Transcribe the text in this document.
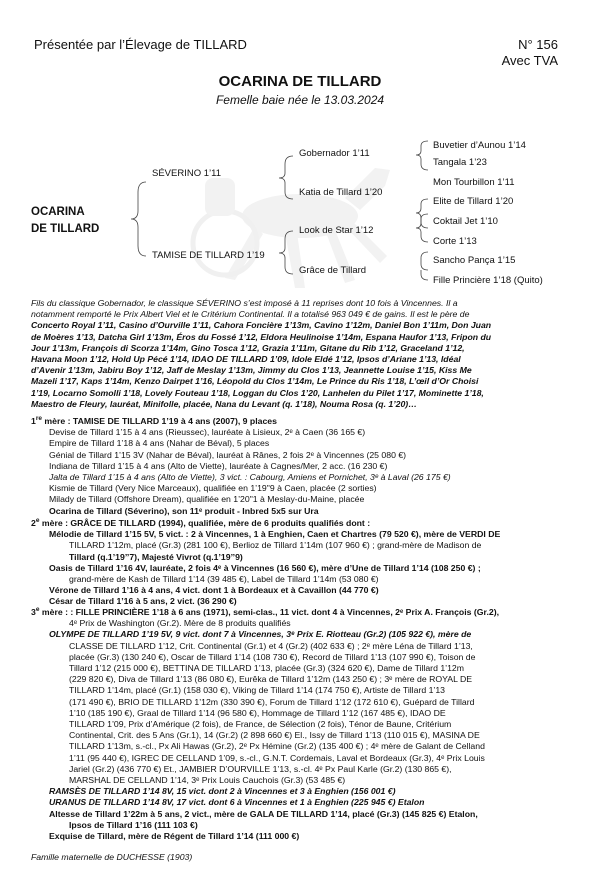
Présentée par l’Élevage de TILLARD	N° 156
Avec TVA
OCARINA DE TILLARD
Femelle baie née le 13.03.2024
OCARINA
DE TILLARD
SÉVERINO 1’11
TAMISE DE TILLARD 1’19
Gobernador 1’11
Katia de Tillard 1’20
Look de Star 1’12
Grâce de Tillard
Buvetier d’Aunou 1’14
Tangala 1’23
Mon Tourbillon 1’11
Elite de Tillard 1’20
Coktail Jet 1’10
Corte 1’13
Sancho Pança 1’15
Fille Princière 1’18 (Quito)
Fils du classique Gobernador, le classique SÉVERINO s’est imposé à 11 reprises dont 10 fois à Vincennes. Il a
notamment remporté le Prix Albert Viel et le Critérium Continental. Il a totalisé 963 049 € de gains. Il est le père de
Concerto Royal 1’11, Casino d’Ourville 1’11, Cahora Foncière 1’13m, Cavino 1’12m, Daniel Bon 1’11m, Don Juan
de Moères 1’13, Datcha Girl 1’13m, Éros du Fossé 1’12, Eldora Heulinoise 1’14m, Espana Haufor 1’13, Fripon du
Jour 1’13m, François di Scorza 1’14m, Gino Tosca 1’12, Grazia 1’11m, Gitane du Rib 1’12, Graceland 1’12,
Havana Moon 1’12, Hold Up Pécé 1’14, IDAO DE TILLARD 1’09, Idole Eldé 1’12, Ipsos d’Ariane 1’13, Idéal
d’Avenir 1’13m, Jabiru Boy 1’12, Jaff de Meslay 1’13m, Jimmy du Clos 1’13, Jeannette Louise 1’15, Kiss Me
Mazeli 1’17, Kaps 1’14m, Kenzo Dairpet 1’16, Léopold du Clos 1’14m, Le Prince du Ris 1’18, L’œil d’Or Choisi
1’19, Locarno Somolli 1’18, Lovely Fouteau 1’18, Loggan du Clos 1’20, Lanhelen du Pilet 1’17, Mominette 1’18,
Maestro de Fleury, lauréat, Minifolle, placée, Nana du Levant (q. 1’18), Nouma Rosa (q. 1’20)…
1re mère : TAMISE DE TILLARD 1’19 à 4 ans (2007), 9 places
Devise de Tillard 1’15 à 4 ans (Rieussec), lauréate à Lisieux, 2ᵉ à Caen (36 165 €)
Empire de Tillard 1’18 à 4 ans (Nahar de Béval), 5 places
Génial de Tillard 1’15 3V (Nahar de Béval), lauréat à Rânes, 2 fois 2ᵉ à Vincennes (25 080 €)
Indiana de Tillard 1’15 à 4 ans (Alto de Viette), lauréate à Cagnes/Mer, 2 acc. (16 230 €)
Jalta de Tillard 1’15 à 4 ans (Alto de Viette), 3 vict. : Cabourg, Amiens et Pornichet, 3ᵉ à Laval (26 175 €)
Kismie de Tillard (Very Nice Marceaux), qualifiée en 1’19"9 à Caen, placée (2 sorties)
Milady de Tillard (Offshore Dream), qualifiée en 1’20"1 à Meslay-du-Maine, placée
Ocarina de Tillard (Séverino), son 11ᵉ produit - Inbred 5x5 sur Ura
2e mère : GRÂCE DE TILLARD (1994), qualifiée, mère de 6 produits qualifiés dont :
Mélodie de Tillard 1’15 5V, 5 vict. : 2 à Vincennes, 1 à Enghien, Caen et Chartres (79 520 €), mère de VERDI DE
TILLARD 1’12m, placé (Gr.3) (281 100 €), Berlioz de Tillard 1’14m (107 960 €) ; grand-mère de Madison de
Tillard (q.1’19’’7), Majesté Vivrot (q.1’19’’9)
Oasis de Tillard 1’16 4V, lauréate, 2 fois 4ᵉ à Vincennes (16 560 €), mère d’Une de Tillard 1’14 (108 250 €) ;
grand-mère de Kash de Tillard 1’14 (39 485 €), Label de Tillard 1’14m (53 080 €)
Vérone de Tillard 1’16 à 4 ans, 4 vict. dont 1 à Bordeaux et à Cavaillon (44 770 €)
César de Tillard 1’16 à 5 ans, 2 vict. (36 290 €)
3e mère : : FILLE PRINCIÈRE 1’18 à 6 ans (1971), semi-clas., 11 vict. dont 4 à Vincennes, 2ᵉ Prix A. François (Gr.2),
4ᵉ Prix de Washington (Gr.2). Mère de 8 produits qualifiés
OLYMPE DE TILLARD 1’19 5V, 9 vict. dont 7 à Vincennes, 3ᵉ Prix E. Riotteau (Gr.2) (105 922 €), mère de
CLASSE DE TILLARD 1’12, Crit. Continental (Gr.1) et 4 (Gr.2) (402 633 €) ; 2ᵉ mère Léna de Tillard 1’13,
placée (Gr.3) (130 240 €), Oscar de Tillard 1’14 (108 730 €), Record de Tillard 1’13 (107 990 €), Toison de
Tillard 1’12 (215 000 €), BETTINA DE TILLARD 1’13, placée (Gr.3) (324 620 €), Dame de Tillard 1’12m
(229 820 €), Diva de Tillard 1’13 (86 080 €), Eurêka de Tillard 1’12m (143 250 €) ; 3ᵉ mère de ROYAL DE
TILLARD 1’14m, placé (Gr.1) (158 030 €), Viking de Tillard 1’14 (174 750 €), Artiste de Tillard 1’13
(171 490 €), BRIO DE TILLARD 1’12m (330 390 €), Forum de Tillard 1’12 (172 610 €), Guépard de Tillard
1’10 (185 190 €), Graal de Tillard 1’14 (96 580 €), Hommage de Tillard 1’12 (167 485 €), IDAO DE
TILLARD 1’09, Prix d’Amérique (2 fois), de France, de Sélection (2 fois), Ténor de Baune, Critérium
Continental, Crit. des 5 Ans (Gr.1), 14 (Gr.2) (2 898 660 €) El., Issy de Tillard 1’13 (110 015 €), MASINA DE
TILLARD 1’13m, s.-cl., Px Ali Hawas (Gr.2), 2ᵉ Px Hémine (Gr.2) (135 400 €) ; 4ᵉ mère de Galant de Celland
1’11 (95 440 €), IGREC DE CELLAND 1’09, s.-cl., G.N.T. Cordemais, Laval et Bordeaux (Gr.3), 4ᵉ Prix Louis
Jariel (Gr.2) (436 770 €) Et., JAMBIER D’OURVILLE 1’13, s.-cl. 4ᵉ Px Paul Karle (Gr.2) (130 865 €),
MARSHAL DE CELLAND 1’14, 3ᵉ Prix Louis Cauchois (Gr.3) (53 485 €)
RAMSÈS DE TILLARD 1’14 8V, 15 vict. dont 2 à Vincennes et 3 à Enghien (156 001 €)
URANUS DE TILLARD 1’14 8V, 17 vict. dont 6 à Vincennes et 1 à Enghien (225 945 €) Etalon
Altesse de Tillard 1’22m à 5 ans, 2 vict., mère de GALA DE TILLARD 1’14, placé (Gr.3) (145 825 €) Etalon,
Ipsos de Tillard 1’16 (111 103 €)
Exquise de Tillard, mère de Régent de Tillard 1’14 (111 000 €)
Famille maternelle de DUCHESSE (1903)
